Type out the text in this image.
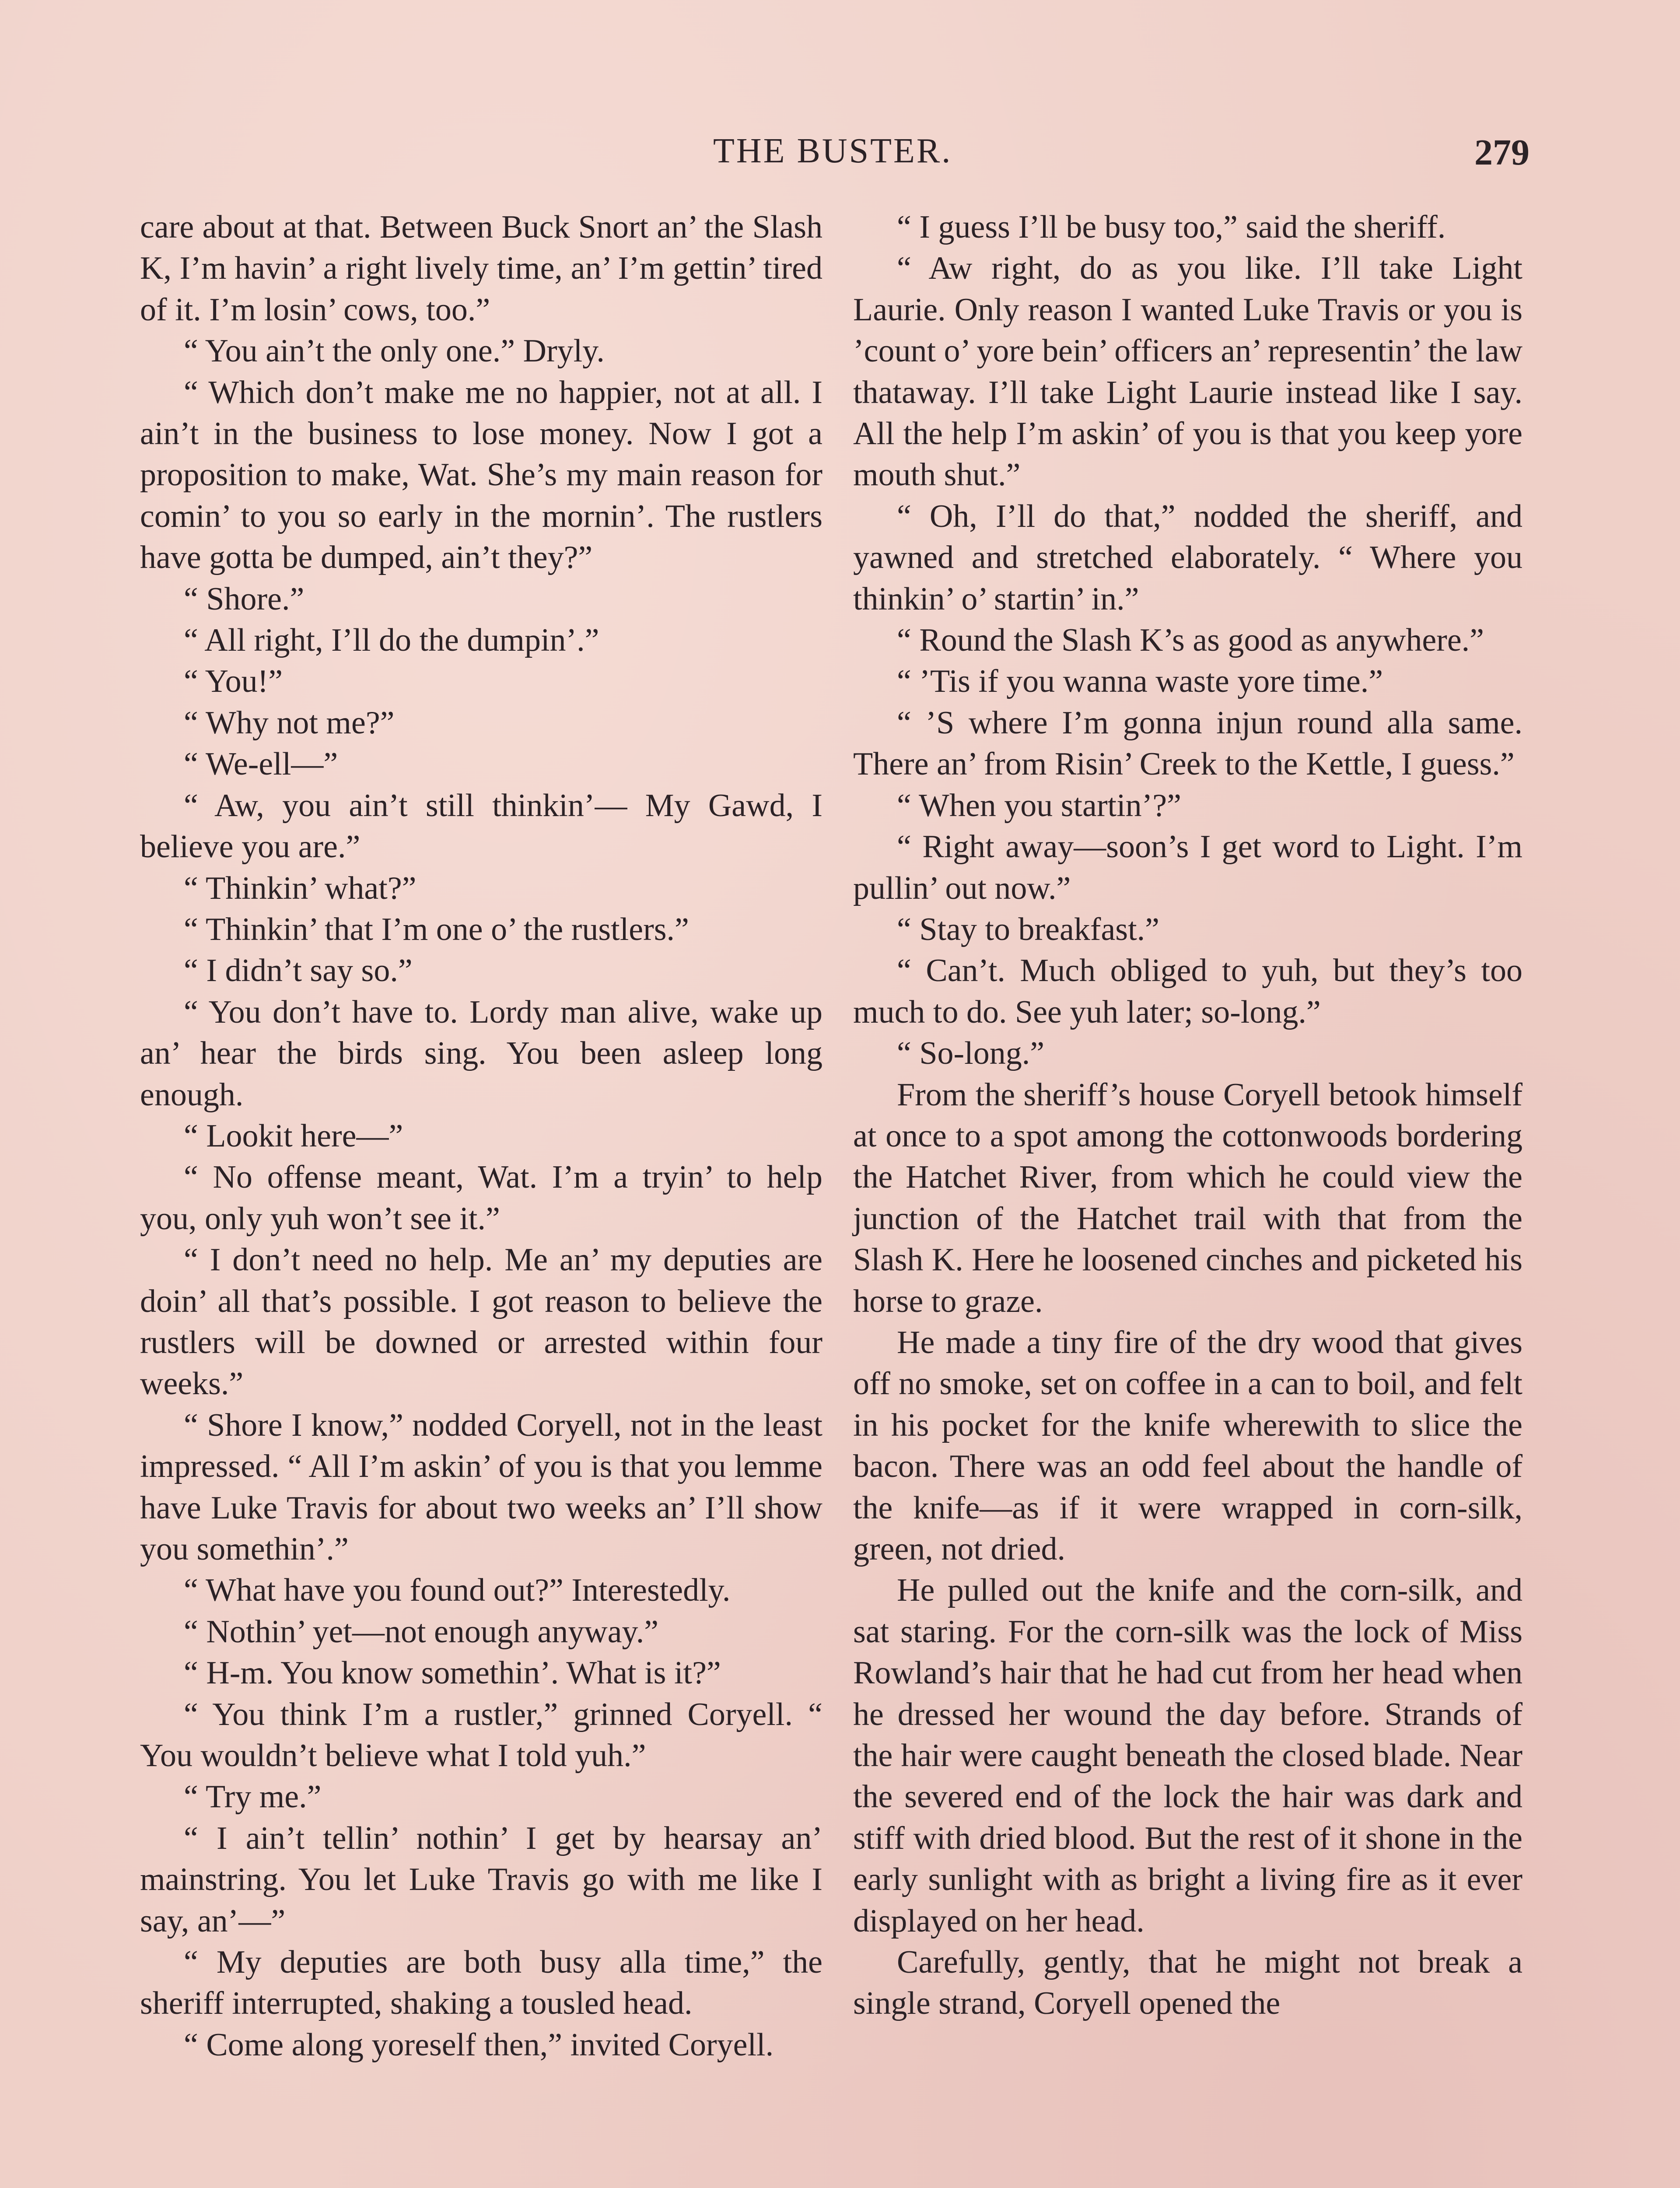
THE BUSTER.	279

care about at that. Between Buck Snort an’ the Slash K, I’m havin’ a right lively time, an’ I’m gettin’ tired of it. I’m losin’ cows, too.”

“ You ain’t the only one.” Dryly.

“ Which don’t make me no happier, not at all. I ain’t in the business to lose money. Now I got a proposition to make, Wat. She’s my main reason for comin’ to you so early in the mornin’. The rustlers have gotta be dumped, ain’t they?”

“ Shore.”

“ All right, I’ll do the dumpin’.”

“ You!”

“ Why not me?”

“ We-ell—”

“ Aw, you ain’t still thinkin’— My Gawd, I believe you are.”

“ Thinkin’ what?”

“ Thinkin’ that I’m one o’ the rustlers.”

“ I didn’t say so.”

“ You don’t have to. Lordy man alive, wake up an’ hear the birds sing. You been asleep long enough.

“ Lookit here—”

“ No offense meant, Wat. I’m a tryin’ to help you, only yuh won’t see it.”

“ I don’t need no help. Me an’ my deputies are doin’ all that’s possible. I got reason to believe the rustlers will be downed or arrested within four weeks.”

“ Shore I know,” nodded Coryell, not in the least impressed. “ All I’m askin’ of you is that you lemme have Luke Travis for about two weeks an’ I’ll show you somethin’.”

“ What have you found out?” Interestedly.

“ Nothin’ yet—not enough anyway.”

“ H-m. You know somethin’. What is it?”

“ You think I’m a rustler,” grinned Coryell. “ You wouldn’t believe what I told yuh.”

“ Try me.”

“ I ain’t tellin’ nothin’ I get by hearsay an’ mainstring. You let Luke Travis go with me like I say, an’—”

“ My deputies are both busy alla time,” the sheriff interrupted, shaking a tousled head.

“ Come along yoreself then,” invited Coryell.

“ I guess I’ll be busy too,” said the sheriff.

“ Aw right, do as you like. I’ll take Light Laurie. Only reason I wanted Luke Travis or you is ’count o’ yore bein’ officers an’ representin’ the law thataway. I’ll take Light Laurie instead like I say. All the help I’m askin’ of you is that you keep yore mouth shut.”

“ Oh, I’ll do that,” nodded the sheriff, and yawned and stretched elaborately. “ Where you thinkin’ o’ startin’ in.”

“ Round the Slash K’s as good as anywhere.”

“ ’Tis if you wanna waste yore time.”

“ ’S where I’m gonna injun round alla same. There an’ from Risin’ Creek to the Kettle, I guess.”

“ When you startin’?”

“ Right away—soon’s I get word to Light. I’m pullin’ out now.”

“ Stay to breakfast.”

“ Can’t. Much obliged to yuh, but they’s too much to do. See yuh later; so-long.”

“ So-long.”

From the sheriff’s house Coryell betook himself at once to a spot among the cottonwoods bordering the Hatchet River, from which he could view the junction of the Hatchet trail with that from the Slash K. Here he loosened cinches and picketed his horse to graze.

He made a tiny fire of the dry wood that gives off no smoke, set on coffee in a can to boil, and felt in his pocket for the knife wherewith to slice the bacon. There was an odd feel about the handle of the knife—as if it were wrapped in corn-silk, green, not dried.

He pulled out the knife and the corn-silk, and sat staring. For the corn-silk was the lock of Miss Rowland’s hair that he had cut from her head when he dressed her wound the day before. Strands of the hair were caught beneath the closed blade. Near the severed end of the lock the hair was dark and stiff with dried blood. But the rest of it shone in the early sunlight with as bright a living fire as it ever displayed on her head.

Carefully, gently, that he might not break a single strand, Coryell opened the
